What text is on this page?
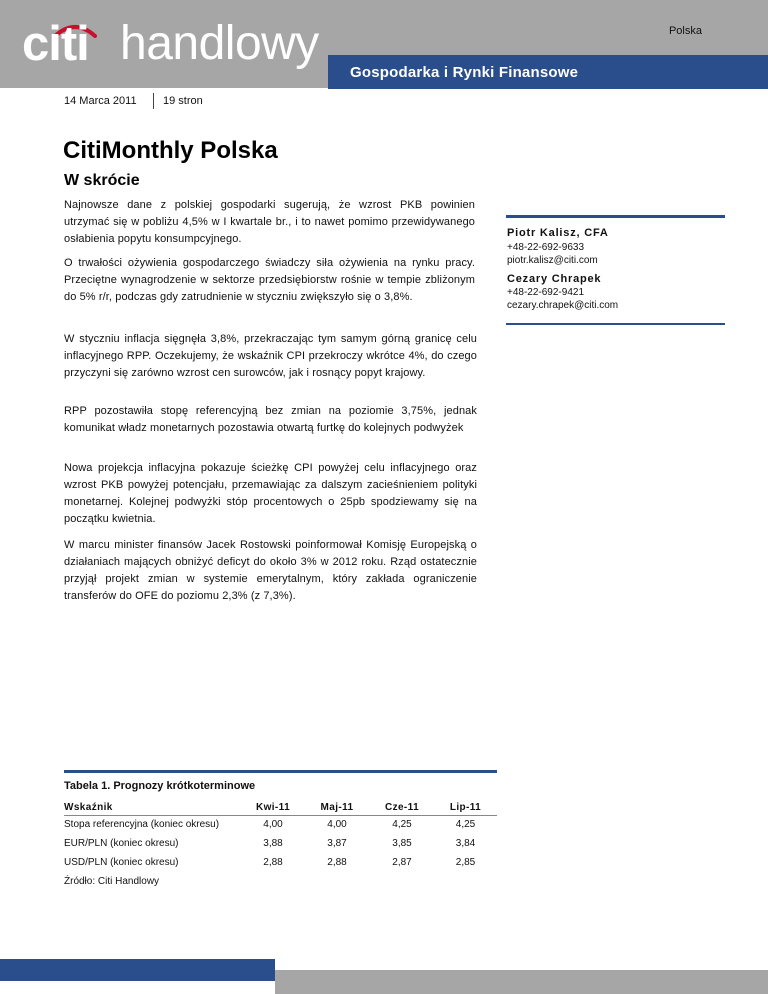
citi handlowy	Polska
Gospodarka i Rynki Finansowe
14 Marca 2011 19 stron
CitiMonthly Polska
W skrócie

Najnowsze dane z polskiej gospodarki sugerują, że wzrost PKB powinien utrzymać się w pobliżu 4,5% w I kwartale br., i to nawet pomimo przewidywanego osłabienia popytu konsumpcyjnego.

O trwałości ożywienia gospodarczego świadczy siła ożywienia na rynku pracy. Przeciętne wynagrodzenie w sektorze przedsiębiorstw rośnie w tempie zbliżonym do 5% r/r, podczas gdy zatrudnienie w styczniu zwiększyło się o 3,8%.

W styczniu inflacja sięgnęła 3,8%, przekraczając tym samym górną granicę celu inflacyjnego RPP. Oczekujemy, że wskaźnik CPI przekroczy wkrótce 4%, do czego przyczyni się zarówno wzrost cen surowców, jak i rosnący popyt krajowy.

RPP pozostawiła stopę referencyjną bez zmian na poziomie 3,75%, jednak komunikat władz monetarnych pozostawia otwartą furtkę do kolejnych podwyżek

Nowa projekcja inflacyjna pokazuje ścieżkę CPI powyżej celu inflacyjnego oraz wzrost PKB powyżej potencjału, przemawiając za dalszym zacieśnieniem polityki monetarnej. Kolejnej podwyżki stóp procentowych o 25pb spodziewamy się na początku kwietnia.

W marcu minister finansów Jacek Rostowski poinformował Komisję Europejską o działaniach mających obniżyć deficyt do około 3% w 2012 roku. Rząd ostatecznie przyjął projekt zmian w systemie emerytalnym, który zakłada ograniczenie transferów do OFE do poziomu 2,3% (z 7,3%).

Piotr Kalisz, CFA
+48-22-692-9633
piotr.kalisz@citi.com
Cezary Chrapek
+48-22-692-9421
cezary.chrapek@citi.com
Tabela 1. Prognozy krótkoterminowe
Wskaźnik	Kwi-11	Maj-11	Cze-11	Lip-11
Stopa referencyjna (koniec okresu)	4,00	4,00	4,25	4,25
EUR/PLN (koniec okresu)	3,88	3,87	3,85	3,84
USD/PLN (koniec okresu)	2,88	2,88	2,87	2,85
Źródło: Citi Handlowy
